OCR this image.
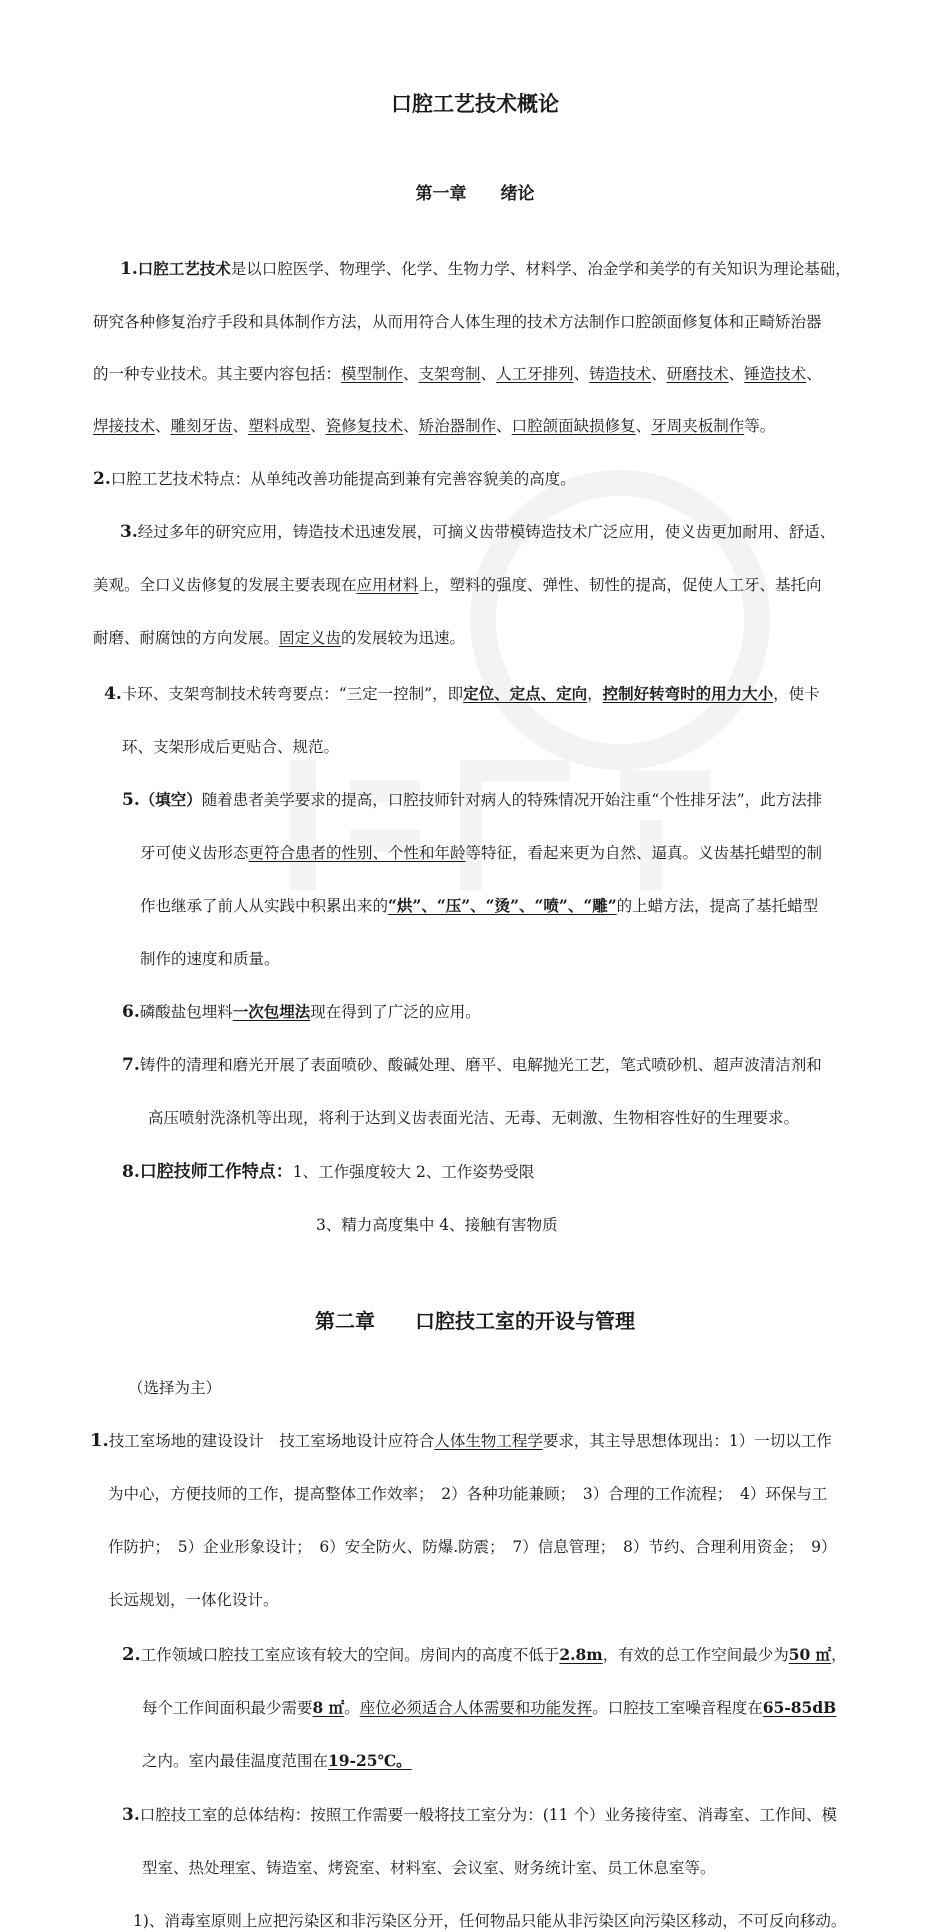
口腔工艺技术概论
第一章　　绪论
1.口腔工艺技术是以口腔医学、物理学、化学、生物力学、材料学、冶金学和美学的有关知识为理论基础，
研究各种修复治疗手段和具体制作方法，从而用符合人体生理的技术方法制作口腔颌面修复体和正畸矫治器
的一种专业技术。其主要内容包括：模型制作、支架弯制、人工牙排列、铸造技术、研磨技术、锤造技术、
焊接技术、雕刻牙齿、塑料成型、瓷修复技术、矫治器制作、口腔颌面缺损修复、牙周夹板制作等。
2.口腔工艺技术特点：从单纯改善功能提高到兼有完善容貌美的高度。
3.经过多年的研究应用，铸造技术迅速发展，可摘义齿带模铸造技术广泛应用，使义齿更加耐用、舒适、
美观。全口义齿修复的发展主要表现在应用材料上，塑料的强度、弹性、韧性的提高，促使人工牙、基托向
耐磨、耐腐蚀的方向发展。固定义齿的发展较为迅速。
4.卡环、支架弯制技术转弯要点：“三定一控制”，即定位、定点、定向，控制好转弯时的用力大小，使卡
环、支架形成后更贴合、规范。
5.（填空）随着患者美学要求的提高，口腔技师针对病人的特殊情况开始注重“个性排牙法”，此方法排
牙可使义齿形态更符合患者的性别、个性和年龄等特征，看起来更为自然、逼真。义齿基托蜡型的制
作也继承了前人从实践中积累出来的“烘”、“压”、“烫”、“喷”、“雕”的上蜡方法，提高了基托蜡型
制作的速度和质量。
6.磷酸盐包埋料一次包埋法现在得到了广泛的应用。
7.铸件的清理和磨光开展了表面喷砂、酸碱处理、磨平、电解抛光工艺，笔式喷砂机、超声波清洁剂和
高压喷射洗涤机等出现，将利于达到义齿表面光洁、无毒、无刺激、生物相容性好的生理要求。
8.口腔技师工作特点：1、工作强度较大 2、工作姿势受限
3、精力高度集中 4、接触有害物质
第二章　　口腔技工室的开设与管理
（选择为主）
1.技工室场地的建设设计　技工室场地设计应符合人体生物工程学要求，其主导思想体现出：1）一切以工作
为中心，方便技师的工作，提高整体工作效率；　2）各种功能兼顾；　3）合理的工作流程；　4）环保与工
作防护；　5）企业形象设计；　6）安全防火、防爆.防震；　7）信息管理；　8）节约、合理利用资金；　9）
长远规划，一体化设计。
2.工作领域口腔技工室应该有较大的空间。房间内的高度不低于2.8m，有效的总工作空间最少为50 ㎡，
每个工作间面积最少需要8 ㎡。座位必须适合人体需要和功能发挥。口腔技工室噪音程度在65-85dB
之内。室内最佳温度范围在19-25℃。
3.口腔技工室的总体结构：按照工作需要一般将技工室分为：(11 个）业务接待室、消毒室、工作间、模
型室、热处理室、铸造室、烤瓷室、材料室、会议室、财务统计室、员工休息室等。
1)、消毒室原则上应把污染区和非污染区分开，任何物品只能从非污染区向污染区移动，不可反向移动。
